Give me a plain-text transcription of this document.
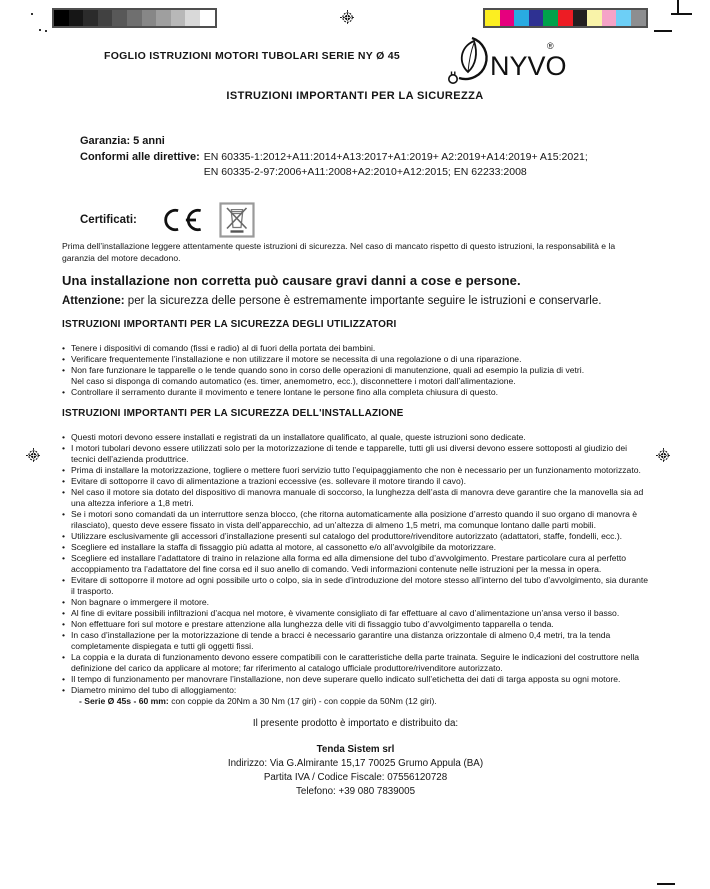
FOGLIO ISTRUZIONI MOTORI TUBOLARI SERIE NY Ø 45	NYVO
®
ISTRUZIONI IMPORTANTI PER LA SICUREZZA
Garanzia: 5 anni
Conformi alle direttive: EN 60335-1:2012+A11:2014+A13:2017+A1:2019+ A2:2019+A14:2019+ A15:2021;
EN 60335-2-97:2006+A11:2008+A2:2010+A12:2015; EN 62233:2008
Certificati:

Prima dell’installazione leggere attentamente queste istruzioni di sicurezza. Nel caso di mancato rispetto di questo istruzioni, la responsabilità e la garanzia del motore decadono.

Una installazione non corretta può causare gravi danni a cose e persone.

Attenzione: per la sicurezza delle persone è estremamente importante seguire le istruzioni e conservarle.

ISTRUZIONI IMPORTANTI PER LA SICUREZZA DEGLI UTILIZZATORI
• Tenere i dispositivi di comando (fissi e radio) al di fuori della portata dei bambini.
• Verificare frequentemente l’installazione e non utilizzare il motore se necessita di una regolazione o di una riparazione.
• Non fare funzionare le tapparelle o le tende quando sono in corso delle operazioni di manutenzione, quali ad esempio la pulizia di vetri.
Nel caso si disponga di comando automatico (es. timer, anemometro, ecc.), disconnettere i motori dall’alimentazione.
• Controllare il serramento durante il movimento e tenere lontane le persone fino alla completa chiusura di questo.
ISTRUZIONI IMPORTANTI PER LA SICUREZZA DELL'INSTALLAZIONE
• Questi motori devono essere installati e registrati da un installatore qualificato, al quale, queste istruzioni sono dedicate.
• I motori tubolari devono essere utilizzati solo per la motorizzazione di tende e tapparelle, tutti gli usi diversi devono essere sottoposti al giudizio dei tecnici dell’azienda produttrice.
• Prima di installare la motorizzazione, togliere o mettere fuori servizio tutto l’equipaggiamento che non è necessario per un funzionamento motorizzato.
• Evitare di sottoporre il cavo di alimentazione a trazioni eccessive (es. sollevare il motore tirando il cavo).
• Nel caso il motore sia dotato del dispositivo di manovra manuale di soccorso, la lunghezza dell’asta di manovra deve garantire che la manovella sia ad una altezza inferiore a 1,8 metri.
• Se i motori sono comandati da un interruttore senza blocco, (che ritorna automaticamente alla posizione d’arresto quando il suo organo di manovra è rilasciato), questo deve essere fissato in vista dell’apparecchio, ad un’altezza di almeno 1,5 metri, ma comunque lontano dalle parti mobili.
• Utilizzare esclusivamente gli accessori d’installazione presenti sul catalogo del produttore/rivenditore autorizzato (adattatori, staffe, fondelli, ecc.).
• Scegliere ed installare la staffa di fissaggio più adatta al motore, al cassonetto e/o all’avvolgibile da motorizzare.
• Scegliere ed installare l’adattatore di traino in relazione alla forma ed alla dimensione del tubo d’avvolgimento. Prestare particolare cura al perfetto accoppiamento tra l’adattatore del fine corsa ed il suo anello di comando. Vedi informazioni contenute nelle istruzioni per la messa in opera.
• Evitare di sottoporre il motore ad ogni possibile urto o colpo, sia in sede d’introduzione del motore stesso all’interno del tubo d’avvolgimento, sia durante il trasporto.
• Non bagnare o immergere il motore.
• Al fine di evitare possibili infiltrazioni d’acqua nel motore, è vivamente consigliato di far effettuare al cavo d’alimentazione un’ansa verso il basso.
• Non effettuare fori sul motore e prestare attenzione alla lunghezza delle viti di fissaggio tubo d’avvolgimento tapparella o tenda.
• In caso d’installazione per la motorizzazione di tende a bracci è necessario garantire una distanza orizzontale di almeno 0,4 metri, tra la tenda completamente dispiegata e tutti gli oggetti fissi.
• La coppia e la durata di funzionamento devono essere compatibili con le caratteristiche della parte trainata. Seguire le indicazioni del costruttore nella definizione del carico da applicare al motore; far riferimento al catalogo ufficiale produttore/rivenditore autorizzato.
• Il tempo di funzionamento per manovrare l’installazione, non deve superare quello indicato sull’etichetta dei dati di targa apposta su ogni motore.
• Diametro minimo del tubo di alloggiamento:
- Serie Ø 45s - 60 mm: con coppie da 20Nm a 30 Nm (17 giri) - con coppie da 50Nm (12 giri).
Il presente prodotto è importato e distribuito da:
Tenda Sistem srl
Indirizzo: Via G.Almirante 15,17 70025 Grumo Appula (BA)
Partita IVA / Codice Fiscale: 07556120728
Telefono: +39 080 7839005
